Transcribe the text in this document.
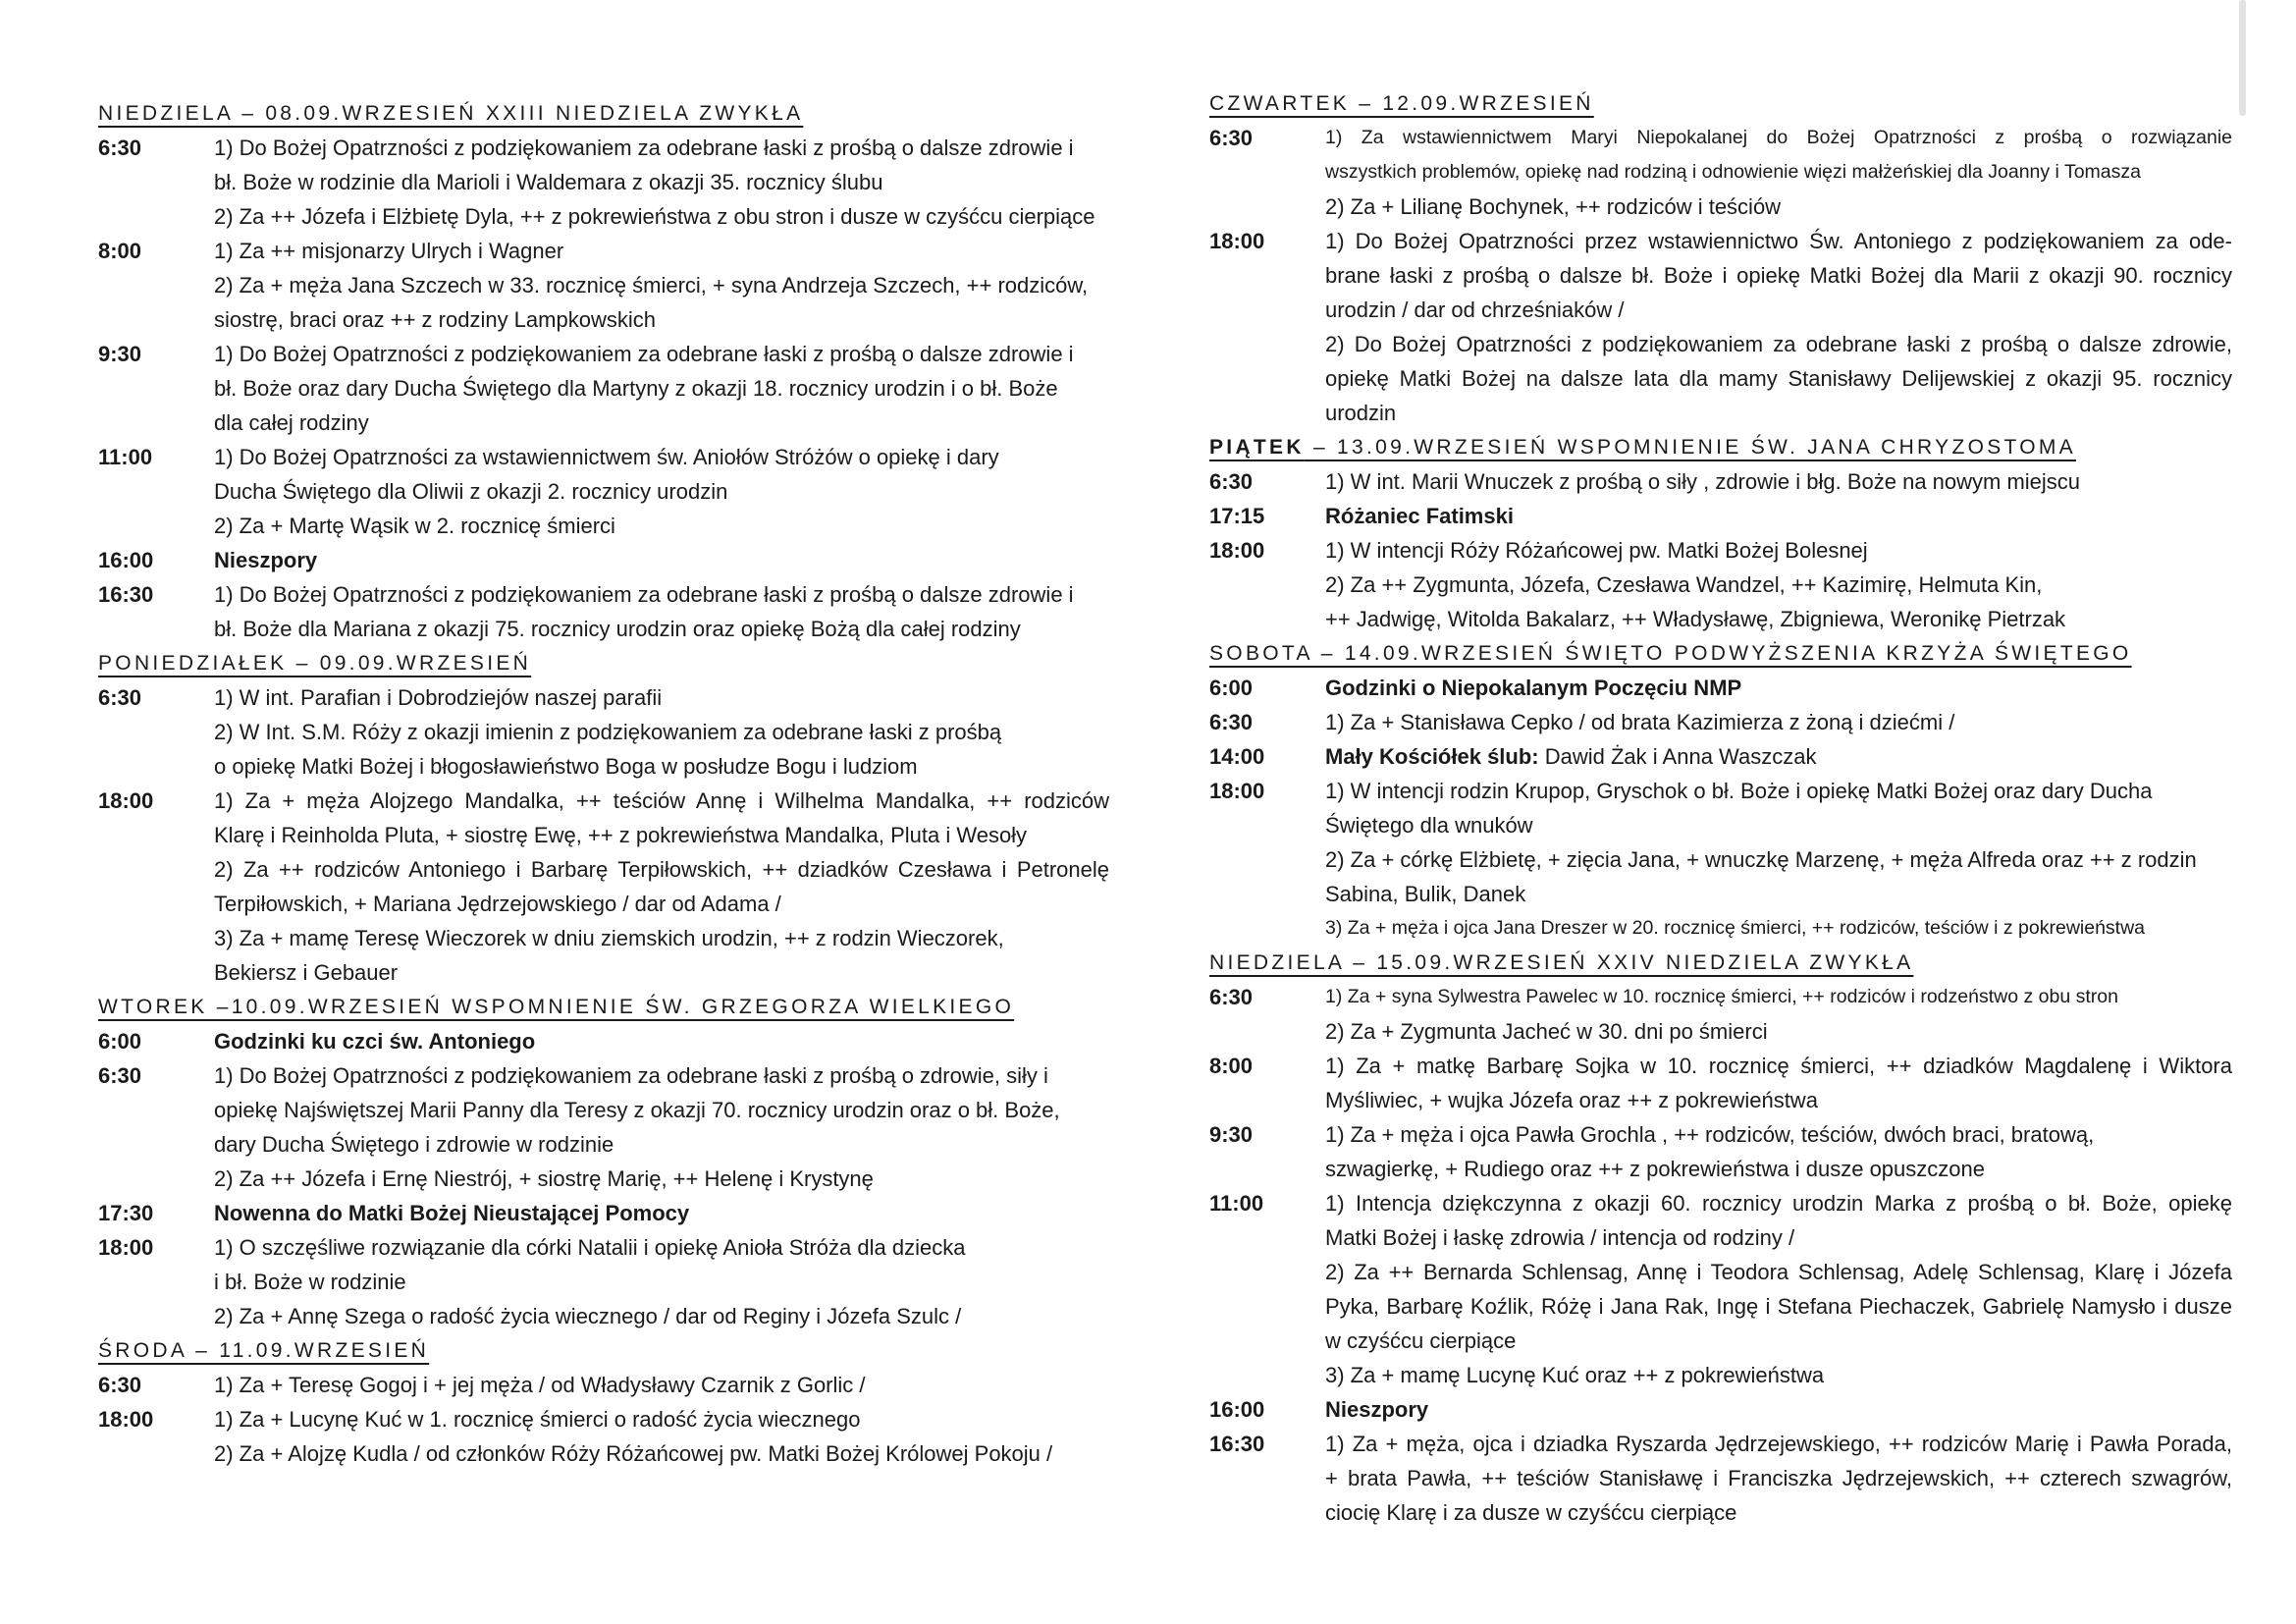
NIEDZIELA – 08.09.WRZESIEŃ XXIII NIEDZIELA ZWYKŁA
6:30	1) Do Bożej Opatrzności z podziękowaniem za odebrane łaski z prośbą o dalsze zdrowie i
bł. Boże w rodzinie dla Marioli i Waldemara z okazji 35. rocznicy ślubu
2) Za ++ Józefa i Elżbietę Dyla, ++ z pokrewieństwa z obu stron i dusze w czyśćcu cierpiące
8:00	1) Za ++ misjonarzy Ulrych i Wagner
2) Za + męża Jana Szczech w 33. rocznicę śmierci, + syna Andrzeja Szczech, ++ rodziców,
siostrę, braci oraz ++ z rodziny Lampkowskich
9:30	1) Do Bożej Opatrzności z podziękowaniem za odebrane łaski z prośbą o dalsze zdrowie i
bł. Boże oraz dary Ducha Świętego dla Martyny z okazji 18. rocznicy urodzin i o bł. Boże
dla całej rodziny
11:00	1) Do Bożej Opatrzności za wstawiennictwem św. Aniołów Stróżów o opiekę i dary
Ducha Świętego dla Oliwii z okazji 2. rocznicy urodzin
2) Za + Martę Wąsik w 2. rocznicę śmierci
16:00	Nieszpory
16:30	1) Do Bożej Opatrzności z podziękowaniem za odebrane łaski z prośbą o dalsze zdrowie i
bł. Boże dla Mariana z okazji 75. rocznicy urodzin oraz opiekę Bożą dla całej rodziny
PONIEDZIAŁEK – 09.09.WRZESIEŃ
6:30	1) W int. Parafian i Dobrodziejów naszej parafii
2) W Int. S.M. Róży z okazji imienin z podziękowaniem za odebrane łaski z prośbą
o opiekę Matki Bożej i błogosławieństwo Boga w posłudze Bogu i ludziom
18:00	1) Za + męża Alojzego Mandalka, ++ teściów Annę i Wilhelma Mandalka, ++ rodziców
Klarę i Reinholda Pluta, + siostrę Ewę, ++ z pokrewieństwa Mandalka, Pluta i Wesoły
2) Za ++ rodziców Antoniego i Barbarę Terpiłowskich, ++ dziadków Czesława i Petronelę
Terpiłowskich, + Mariana Jędrzejowskiego / dar od Adama /
3) Za + mamę Teresę Wieczorek w dniu ziemskich urodzin, ++ z rodzin Wieczorek,
Bekiersz i Gebauer
WTOREK –10.09.WRZESIEŃ WSPOMNIENIE ŚW. GRZEGORZA WIELKIEGO
6:00	Godzinki ku czci św. Antoniego
6:30	1) Do Bożej Opatrzności z podziękowaniem za odebrane łaski z prośbą o zdrowie, siły i
opiekę Najświętszej Marii Panny dla Teresy z okazji 70. rocznicy urodzin oraz o bł. Boże,
dary Ducha Świętego i zdrowie w rodzinie
2) Za ++ Józefa i Ernę Niestrój, + siostrę Marię, ++ Helenę i Krystynę
17:30	Nowenna do Matki Bożej Nieustającej Pomocy
18:00	1) O szczęśliwe rozwiązanie dla córki Natalii i opiekę Anioła Stróża dla dziecka
i bł. Boże w rodzinie
2) Za + Annę Szega o radość życia wiecznego / dar od Reginy i Józefa Szulc /
ŚRODA – 11.09.WRZESIEŃ
6:30	1) Za + Teresę Gogoj i + jej męża / od Władysławy Czarnik z Gorlic /
18:00	1) Za + Lucynę Kuć w 1. rocznicę śmierci o radość życia wiecznego
2) Za + Alojzę Kudla / od członków Róży Różańcowej pw. Matki Bożej Królowej Pokoju /
CZWARTEK – 12.09.WRZESIEŃ
6:30	1) Za wstawiennictwem Maryi Niepokalanej do Bożej Opatrzności z prośbą o rozwiązanie
wszystkich problemów, opiekę nad rodziną i odnowienie więzi małżeńskiej dla Joanny i Tomasza
2) Za + Lilianę Bochynek, ++ rodziców i teściów
18:00	1) Do Bożej Opatrzności przez wstawiennictwo Św. Antoniego z podziękowaniem za ode-
brane łaski z prośbą o dalsze bł. Boże i opiekę Matki Bożej dla Marii z okazji 90. rocznicy
urodzin / dar od chrześniaków /
2) Do Bożej Opatrzności z podziękowaniem za odebrane łaski z prośbą o dalsze zdrowie,
opiekę Matki Bożej na dalsze lata dla mamy Stanisławy Delijewskiej z okazji 95. rocznicy
urodzin
PIĄTEK – 13.09.WRZESIEŃ WSPOMNIENIE ŚW. JANA CHRYZOSTOMA
6:30	1) W int. Marii Wnuczek z prośbą o siły , zdrowie i błg. Boże na nowym miejscu
17:15	Różaniec Fatimski
18:00	1) W intencji Róży Różańcowej pw. Matki Bożej Bolesnej
2) Za ++ Zygmunta, Józefa, Czesława Wandzel, ++ Kazimirę, Helmuta Kin,
++ Jadwigę, Witolda Bakalarz, ++ Władysławę, Zbigniewa, Weronikę Pietrzak
SOBOTA – 14.09.WRZESIEŃ ŚWIĘTO PODWYŻSZENIA KRZYŻA ŚWIĘTEGO
6:00	Godzinki o Niepokalanym Poczęciu NMP
6:30	1) Za + Stanisława Cepko / od brata Kazimierza z żoną i dziećmi /
14:00	Mały Kościółek ślub: Dawid Żak i Anna Waszczak
18:00	1) W intencji rodzin Krupop, Gryschok o bł. Boże i opiekę Matki Bożej oraz dary Ducha
Świętego dla wnuków
2) Za + córkę Elżbietę, + zięcia Jana, + wnuczkę Marzenę, + męża Alfreda oraz ++ z rodzin
Sabina, Bulik, Danek
3) Za + męża i ojca Jana Dreszer w 20. rocznicę śmierci, ++ rodziców, teściów i z pokrewieństwa
NIEDZIELA – 15.09.WRZESIEŃ XXIV NIEDZIELA ZWYKŁA
6:30	1) Za + syna Sylwestra Pawelec w 10. rocznicę śmierci, ++ rodziców i rodzeństwo z obu stron
2) Za + Zygmunta Jacheć w 30. dni po śmierci
8:00	1) Za + matkę Barbarę Sojka w 10. rocznicę śmierci, ++ dziadków Magdalenę i Wiktora
Myśliwiec, + wujka Józefa oraz ++ z pokrewieństwa
9:30	1) Za + męża i ojca Pawła Grochla , ++ rodziców, teściów, dwóch braci, bratową,
szwagierkę, + Rudiego oraz ++ z pokrewieństwa i dusze opuszczone
11:00	1) Intencja dziękczynna z okazji 60. rocznicy urodzin Marka z prośbą o bł. Boże, opiekę
Matki Bożej i łaskę zdrowia / intencja od rodziny /
2) Za ++ Bernarda Schlensag, Annę i Teodora Schlensag, Adelę Schlensag, Klarę i Józefa
Pyka, Barbarę Koźlik, Różę i Jana Rak, Ingę i Stefana Piechaczek, Gabrielę Namysło i dusze
w czyśćcu cierpiące
3) Za + mamę Lucynę Kuć oraz ++ z pokrewieństwa
16:00	Nieszpory
16:30	1) Za + męża, ojca i dziadka Ryszarda Jędrzejewskiego, ++ rodziców Marię i Pawła Porada,
+ brata Pawła, ++ teściów Stanisławę i Franciszka Jędrzejewskich, ++ czterech szwagrów,
ciocię Klarę i za dusze w czyśćcu cierpiące
